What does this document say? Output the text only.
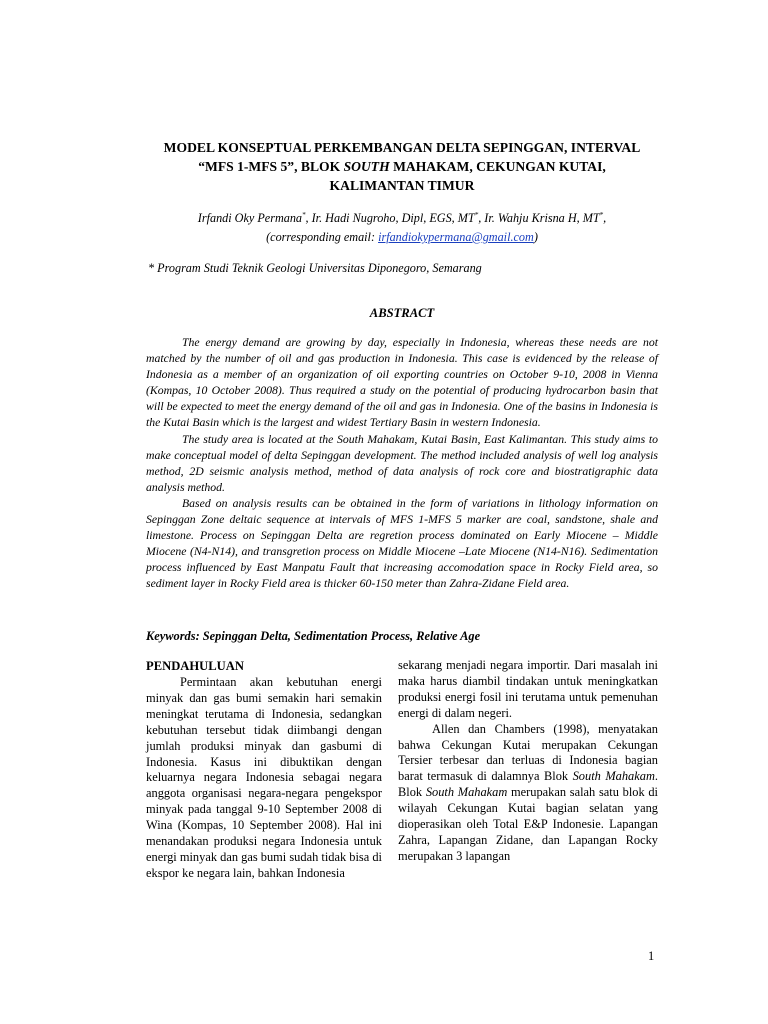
MODEL KONSEPTUAL PERKEMBANGAN DELTA SEPINGGAN, INTERVAL
“MFS 1-MFS 5”, BLOK SOUTH MAHAKAM, CEKUNGAN KUTAI,
KALIMANTAN TIMUR
Irfandi Oky Permana*, Ir. Hadi Nugroho, Dipl, EGS, MT*, Ir. Wahju Krisna H, MT*,
(corresponding email: irfandiokypermana@gmail.com)
* Program Studi Teknik Geologi Universitas Diponegoro, Semarang
ABSTRACT

The energy demand are growing by day, especially in Indonesia, whereas these needs are not matched by the number of oil and gas production in Indonesia. This case is evidenced by the release of Indonesia as a member of an organization of oil exporting countries on October 9-10, 2008 in Vienna (Kompas, 10 October 2008). Thus required a study on the potential of producing hydrocarbon basin that will be expected to meet the energy demand of the oil and gas in Indonesia. One of the basins in Indonesia is the Kutai Basin which is the largest and widest Tertiary Basin in western Indonesia.

The study area is located at the South Mahakam, Kutai Basin, East Kalimantan. This study aims to make conceptual model of delta Sepinggan development. The method included analysis of well log analysis method, 2D seismic analysis method, method of data analysis of rock core and biostratigraphic data analysis method.

Based on analysis results can be obtained in the form of variations in lithology information on Sepinggan Zone deltaic sequence at intervals of MFS 1-MFS 5 marker are coal, sandstone, shale and limestone. Process on Sepinggan Delta are regretion process dominated on Early Miocene – Middle Miocene (N4-N14), and transgretion process on Middle Miocene –Late Miocene (N14-N16). Sedimentation process influenced by East Manpatu Fault that increasing accomodation space in Rocky Field area, so sediment layer in Rocky Field area is thicker 60-150 meter than Zahra-Zidane Field area.

Keywords: Sepinggan Delta, Sedimentation Process, Relative Age

PENDAHULUAN

Permintaan akan kebutuhan energi minyak dan gas bumi semakin hari semakin meningkat terutama di Indonesia, sedangkan kebutuhan tersebut tidak diimbangi dengan jumlah produksi minyak dan gasbumi di Indonesia. Kasus ini dibuktikan dengan keluarnya negara Indonesia sebagai negara anggota organisasi negara-negara pengekspor minyak pada tanggal 9-10 September 2008 di Wina (Kompas, 10 September 2008). Hal ini menandakan produksi negara Indonesia untuk energi minyak dan gas bumi sudah tidak bisa di ekspor ke negara lain, bahkan Indonesia

sekarang menjadi negara importir. Dari masalah ini maka harus diambil tindakan untuk meningkatkan produksi energi fosil ini terutama untuk pemenuhan energi di dalam negeri.

Allen dan Chambers (1998), menyatakan bahwa Cekungan Kutai merupakan Cekungan Tersier terbesar dan terluas di Indonesia bagian barat termasuk di dalamnya Blok South Mahakam. Blok South Mahakam merupakan salah satu blok di wilayah Cekungan Kutai bagian selatan yang dioperasikan oleh Total E&P Indonesie. Lapangan Zahra, Lapangan Zidane, dan Lapangan Rocky merupakan 3 lapangan

1
